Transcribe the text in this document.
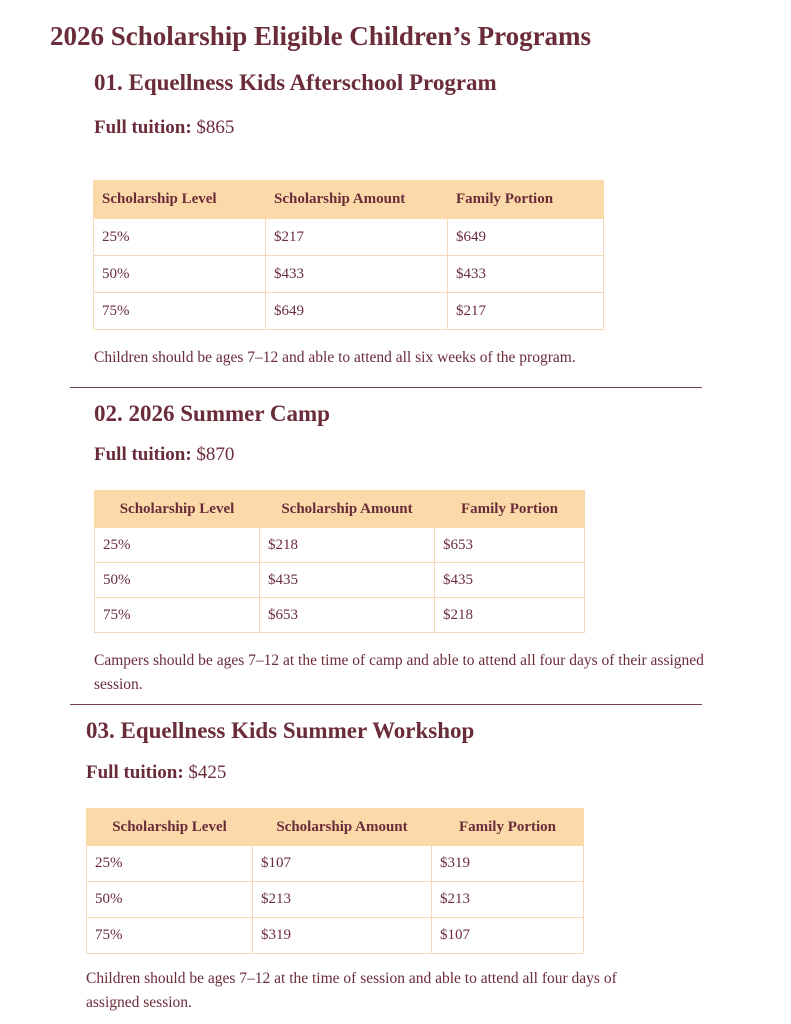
2026 Scholarship Eligible Children’s Programs
01. Equellness Kids Afterschool Program
Full tuition: $865
Scholarship Level	Scholarship Amount	Family Portion
25%	$217	$649
50%	$433	$433
75%	$649	$217

Children should be ages 7–12 and able to attend all six weeks of the program.

02. 2026 Summer Camp
Full tuition: $870
Scholarship Level	Scholarship Amount	Family Portion
25%	$218	$653
50%	$435	$435
75%	$653	$218

Campers should be ages 7–12 at the time of camp and able to attend all four days of their assigned session.

03. Equellness Kids Summer Workshop
Full tuition: $425
Scholarship Level	Scholarship Amount	Family Portion
25%	$107	$319
50%	$213	$213
75%	$319	$107

Children should be ages 7–12 at the time of session and able to attend all four days of assigned session.
